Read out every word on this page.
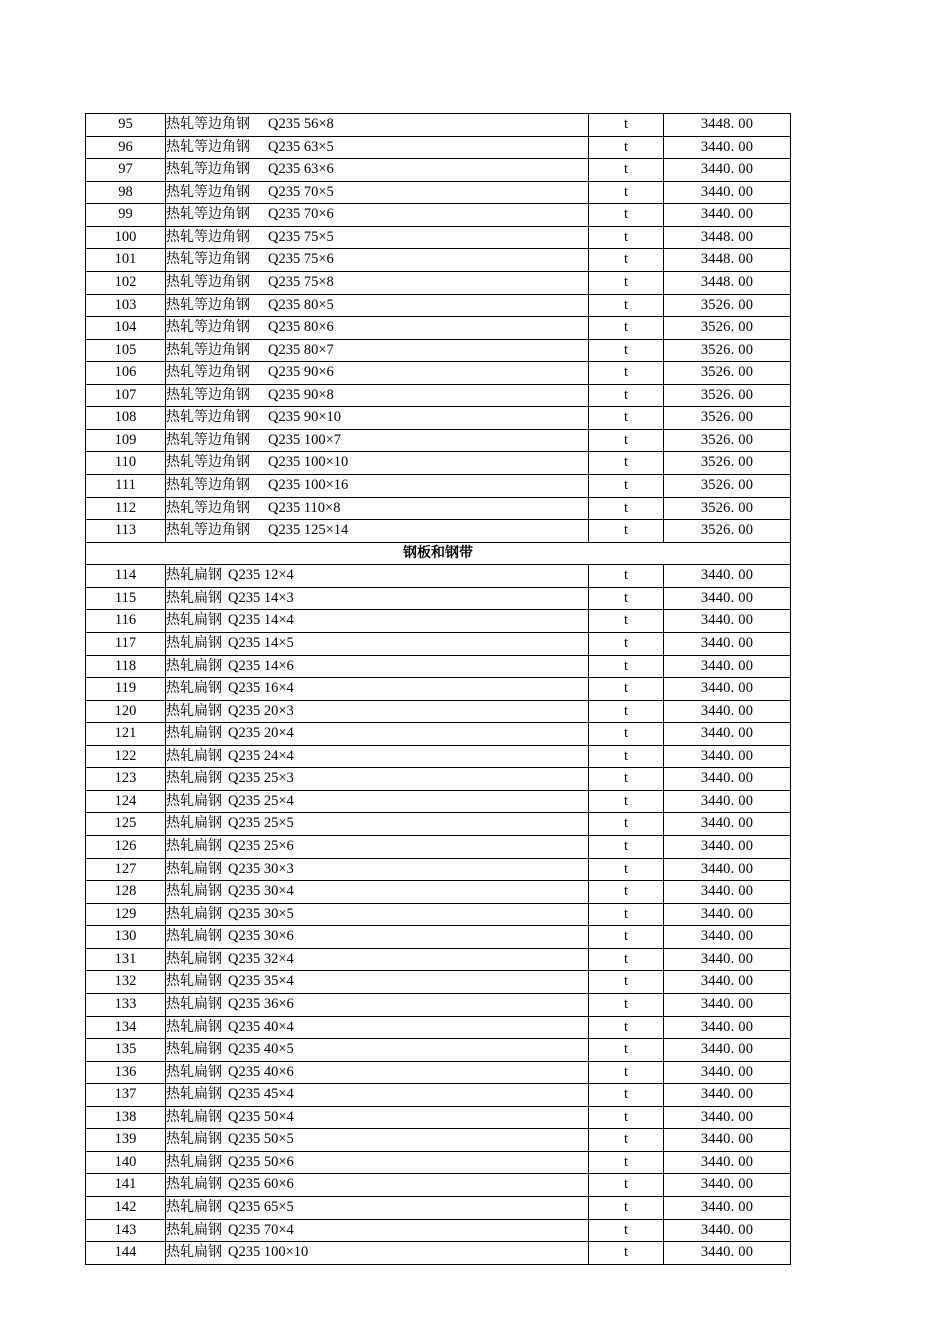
95	热轧等边角钢 Q235 56×8	t	3448. 00
96	热轧等边角钢 Q235 63×5	t	3440. 00
97	热轧等边角钢 Q235 63×6	t	3440. 00
98	热轧等边角钢 Q235 70×5	t	3440. 00
99	热轧等边角钢 Q235 70×6	t	3440. 00
100	热轧等边角钢 Q235 75×5	t	3448. 00
101	热轧等边角钢 Q235 75×6	t	3448. 00
102	热轧等边角钢 Q235 75×8	t	3448. 00
103	热轧等边角钢 Q235 80×5	t	3526. 00
104	热轧等边角钢 Q235 80×6	t	3526. 00
105	热轧等边角钢 Q235 80×7	t	3526. 00
106	热轧等边角钢 Q235 90×6	t	3526. 00
107	热轧等边角钢 Q235 90×8	t	3526. 00
108	热轧等边角钢 Q235 90×10	t	3526. 00
109	热轧等边角钢 Q235 100×7	t	3526. 00
110	热轧等边角钢 Q235 100×10	t	3526. 00
111	热轧等边角钢 Q235 100×16	t	3526. 00
112	热轧等边角钢 Q235 110×8	t	3526. 00
113	热轧等边角钢 Q235 125×14	t	3526. 00
钢板和钢带			
114	热轧扁钢 Q235 12×4	t	3440. 00
115	热轧扁钢 Q235 14×3	t	3440. 00
116	热轧扁钢 Q235 14×4	t	3440. 00
117	热轧扁钢 Q235 14×5	t	3440. 00
118	热轧扁钢 Q235 14×6	t	3440. 00
119	热轧扁钢 Q235 16×4	t	3440. 00
120	热轧扁钢 Q235 20×3	t	3440. 00
121	热轧扁钢 Q235 20×4	t	3440. 00
122	热轧扁钢 Q235 24×4	t	3440. 00
123	热轧扁钢 Q235 25×3	t	3440. 00
124	热轧扁钢 Q235 25×4	t	3440. 00
125	热轧扁钢 Q235 25×5	t	3440. 00
126	热轧扁钢 Q235 25×6	t	3440. 00
127	热轧扁钢 Q235 30×3	t	3440. 00
128	热轧扁钢 Q235 30×4	t	3440. 00
129	热轧扁钢 Q235 30×5	t	3440. 00
130	热轧扁钢 Q235 30×6	t	3440. 00
131	热轧扁钢 Q235 32×4	t	3440. 00
132	热轧扁钢 Q235 35×4	t	3440. 00
133	热轧扁钢 Q235 36×6	t	3440. 00
134	热轧扁钢 Q235 40×4	t	3440. 00
135	热轧扁钢 Q235 40×5	t	3440. 00
136	热轧扁钢 Q235 40×6	t	3440. 00
137	热轧扁钢 Q235 45×4	t	3440. 00
138	热轧扁钢 Q235 50×4	t	3440. 00
139	热轧扁钢 Q235 50×5	t	3440. 00
140	热轧扁钢 Q235 50×6	t	3440. 00
141	热轧扁钢 Q235 60×6	t	3440. 00
142	热轧扁钢 Q235 65×5	t	3440. 00
143	热轧扁钢 Q235 70×4	t	3440. 00
144	热轧扁钢 Q235 100×10	t	3440. 00
